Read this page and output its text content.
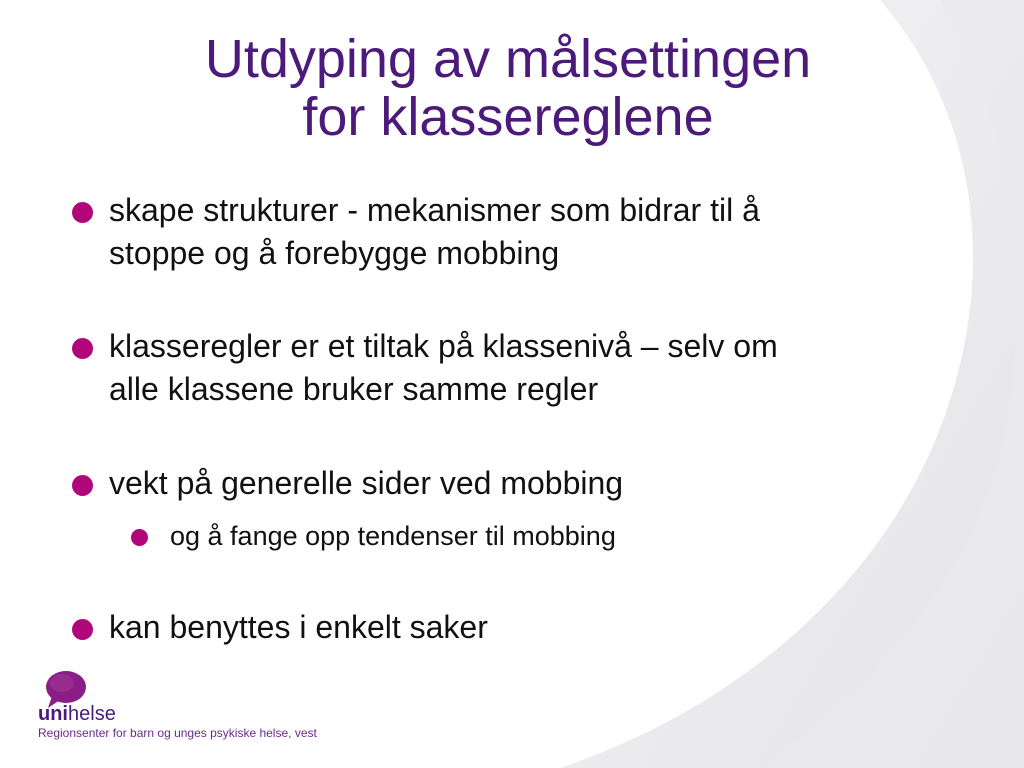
Utdyping av målsettingen
for klassereglene
skape strukturer - mekanismer som bidrar til å
stoppe og å forebygge mobbing
klasseregler er et tiltak på klassenivå – selv om
alle klassene bruker samme regler
vekt på generelle sider ved mobbing
og å fange opp tendenser til mobbing
kan benyttes i enkelt saker
unihelse
Regionsenter for barn og unges psykiske helse, vest
